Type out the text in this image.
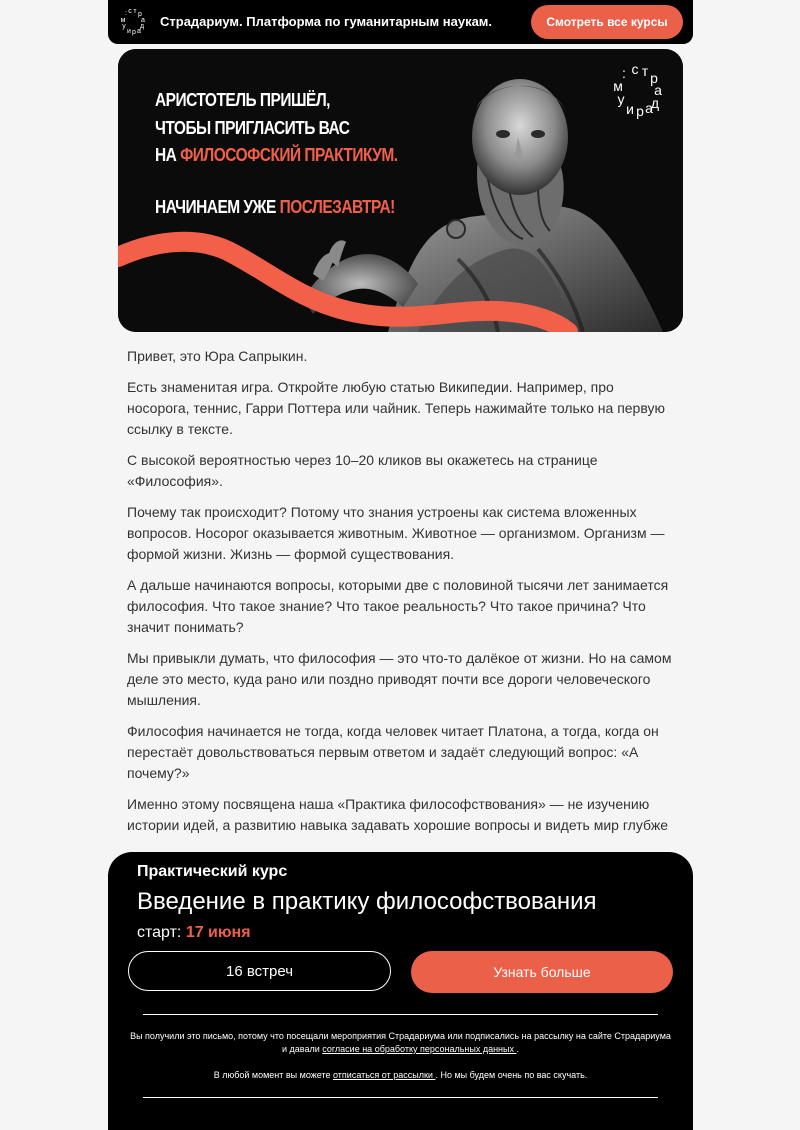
: с т р
а
д
м
у
и р а
Страдариум. Платформа по гуманитарным наукам.	Смотреть все курсы
АРИСТОТЕЛЬ ПРИШЁЛ,
ЧТОБЫ ПРИГЛАСИТЬ ВАС
НА ФИЛОСОФСКИЙ ПРАКТИКУМ.
НАЧИНАЕМ УЖЕ ПОСЛЕЗАВТРА!
: с т р
а
д
м
у
и р а

Привет, это Юра Сапрыкин.

Есть знаменитая игра. Откройте любую статью Википедии. Например, про носорога, теннис, Гарри Поттера или чайник. Теперь нажимайте только на первую ссылку в тексте.

С высокой вероятностью через 10–20 кликов вы окажетесь на странице «Философия».

Почему так происходит? Потому что знания устроены как система вложенных вопросов. Носорог оказывается животным. Животное — организмом. Организм — формой жизни. Жизнь — формой существования.

А дальше начинаются вопросы, которыми две с половиной тысячи лет занимается философия. Что такое знание? Что такое реальность? Что такое причина? Что значит понимать?

Мы привыкли думать, что философия — это что-то далёкое от жизни. Но на самом деле это место, куда рано или поздно приводят почти все дороги человеческого мышления.

Философия начинается не тогда, когда человек читает Платона, а тогда, когда он перестаёт довольствоваться первым ответом и задаёт следующий вопрос: «А почему?»

Именно этому посвящена наша «Практика философствования» — не изучению истории идей, а развитию навыка задавать хорошие вопросы и видеть мир глубже

Практический курс
Введение в практику философствования
старт: 17 июня
16 встреч	Узнать больше
Вы получили это письмо, потому что посещали мероприятия Страдариума или подписались на рассылку на сайте Страдариума и давали согласие на обработку персональных данных .
В любой момент вы можете отписаться от рассылки . Но мы будем очень по вас скучать.
